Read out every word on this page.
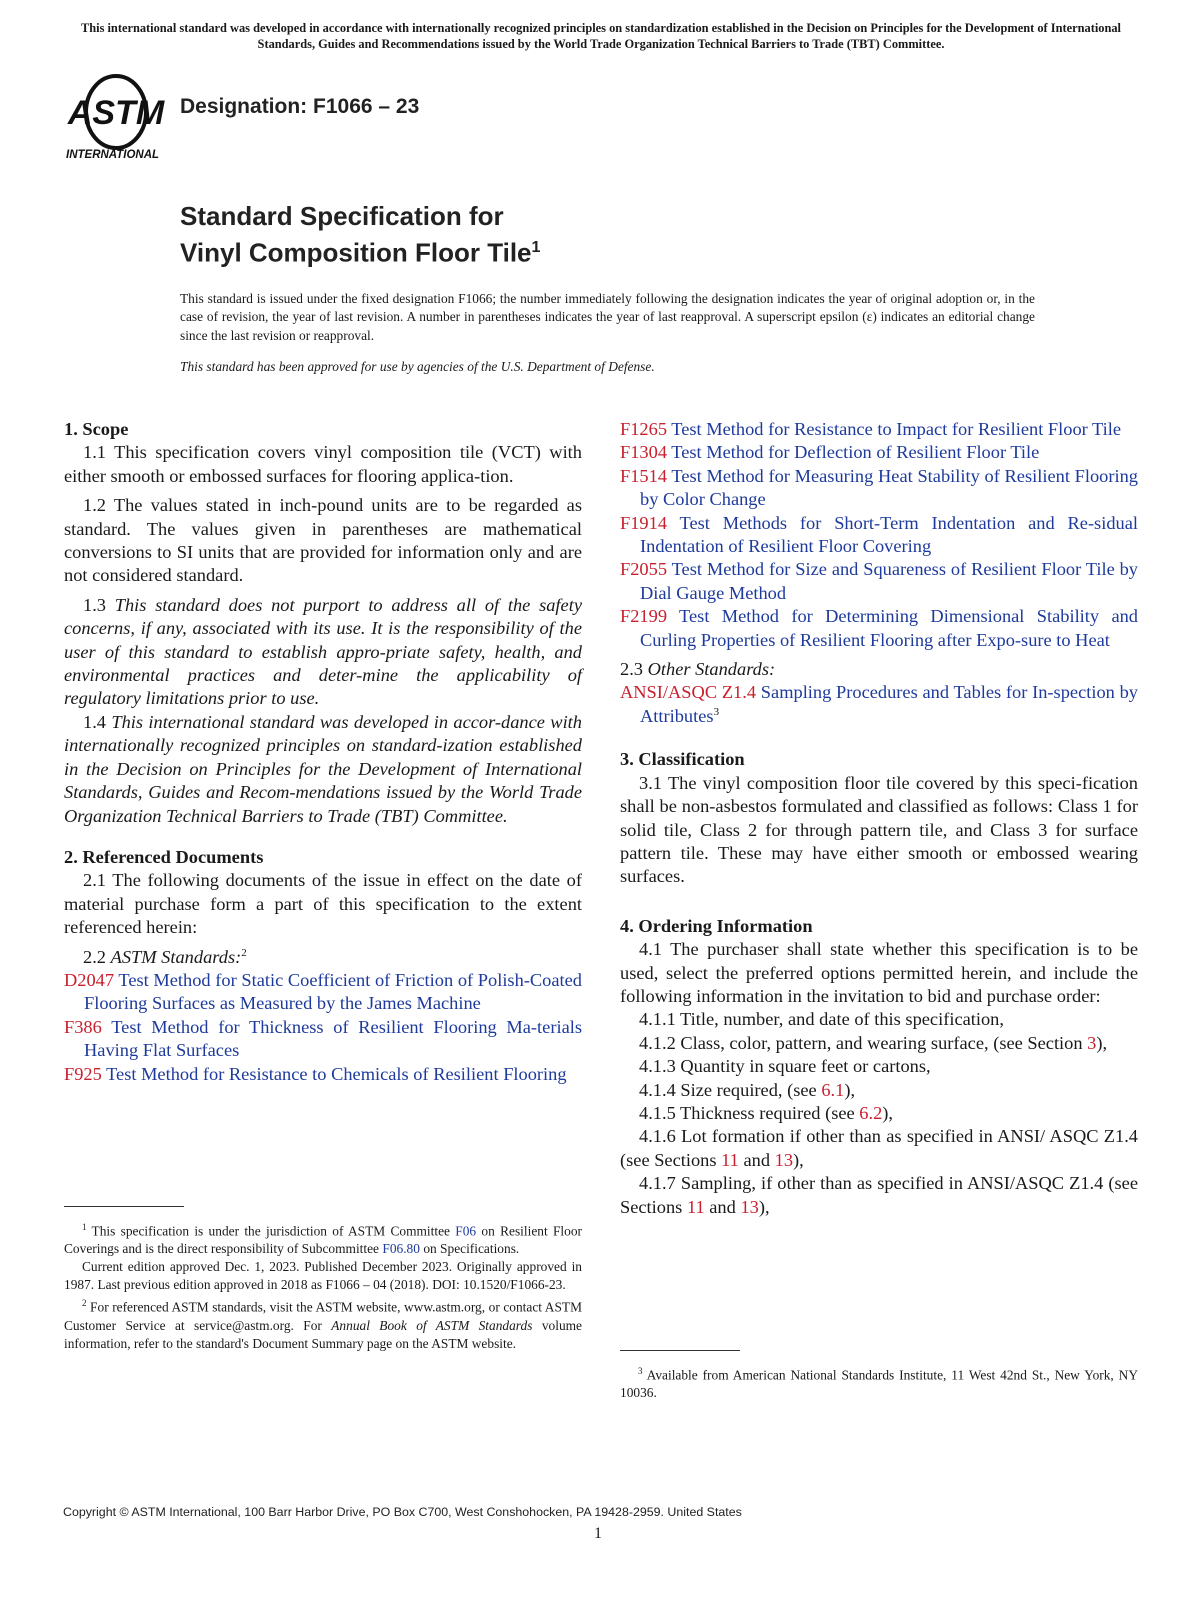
This international standard was developed in accordance with internationally recognized principles on standardization established in the Decision on Principles for the Development of International Standards, Guides and Recommendations issued by the World Trade Organization Technical Barriers to Trade (TBT) Committee.
ASTM
INTERNATIONAL
Designation: F1066 – 23
Standard Specification for
Vinyl Composition Floor Tile$^1$
This standard is issued under the fixed designation F1066; the number immediately following the designation indicates the year of original adoption or, in the case of revision, the year of last revision. A number in parentheses indicates the year of last reapproval. A superscript epsilon (ε) indicates an editorial change since the last revision or reapproval.
This standard has been approved for use by agencies of the U.S. Department of Defense.

1. Scope

1.1 This specification covers vinyl composition tile (VCT) with either smooth or embossed surfaces for flooring applica-tion.

1.2 The values stated in inch-pound units are to be regarded as standard. The values given in parentheses are mathematical conversions to SI units that are provided for information only and are not considered standard.

1.3 This standard does not purport to address all of the safety concerns, if any, associated with its use. It is the responsibility of the user of this standard to establish appro-priate safety, health, and environmental practices and deter-mine the applicability of regulatory limitations prior to use.

1.4 This international standard was developed in accor-dance with internationally recognized principles on standard-ization established in the Decision on Principles for the Development of International Standards, Guides and Recom-mendations issued by the World Trade Organization Technical Barriers to Trade (TBT) Committee.

2. Referenced Documents

2.1 The following documents of the issue in effect on the date of material purchase form a part of this specification to the extent referenced herein:

2.2 ASTM Standards:$^2$

D2047 Test Method for Static Coefficient of Friction of Polish-Coated Flooring Surfaces as Measured by the James Machine

F386 Test Method for Thickness of Resilient Flooring Ma-terials Having Flat Surfaces

F925 Test Method for Resistance to Chemicals of Resilient Flooring

$^1$ This specification is under the jurisdiction of ASTM Committee F06 on Resilient Floor Coverings and is the direct responsibility of Subcommittee F06.80 on Specifications.
Current edition approved Dec. 1, 2023. Published December 2023. Originally approved in 1987. Last previous edition approved in 2018 as F1066 – 04 (2018). DOI: 10.1520/F1066-23.
$^2$ For referenced ASTM standards, visit the ASTM website, www.astm.org, or contact ASTM Customer Service at service@astm.org. For Annual Book of ASTM Standards volume information, refer to the standard's Document Summary page on the ASTM website.

F1265 Test Method for Resistance to Impact for Resilient Floor Tile

F1304 Test Method for Deflection of Resilient Floor Tile

F1514 Test Method for Measuring Heat Stability of Resilient Flooring by Color Change

F1914 Test Methods for Short-Term Indentation and Re-sidual Indentation of Resilient Floor Covering

F2055 Test Method for Size and Squareness of Resilient Floor Tile by Dial Gauge Method

F2199 Test Method for Determining Dimensional Stability and Curling Properties of Resilient Flooring after Expo-sure to Heat

2.3 Other Standards:

ANSI/ASQC Z1.4 Sampling Procedures and Tables for In-spection by Attributes$^3$

3. Classification

3.1 The vinyl composition floor tile covered by this speci-fication shall be non-asbestos formulated and classified as follows: Class 1 for solid tile, Class 2 for through pattern tile, and Class 3 for surface pattern tile. These may have either smooth or embossed wearing surfaces.

4. Ordering Information

4.1 The purchaser shall state whether this specification is to be used, select the preferred options permitted herein, and include the following information in the invitation to bid and purchase order:

4.1.1 Title, number, and date of this specification,

4.1.2 Class, color, pattern, and wearing surface, (see Section 3),

4.1.3 Quantity in square feet or cartons,

4.1.4 Size required, (see 6.1),

4.1.5 Thickness required (see 6.2),

4.1.6 Lot formation if other than as specified in ANSI/ ASQC Z1.4 (see Sections 11 and 13),

4.1.7 Sampling, if other than as specified in ANSI/ASQC Z1.4 (see Sections 11 and 13),

$^3$ Available from American National Standards Institute, 11 West 42nd St., New York, NY 10036.
Copyright © ASTM International, 100 Barr Harbor Drive, PO Box C700, West Conshohocken, PA 19428-2959. United States
1
